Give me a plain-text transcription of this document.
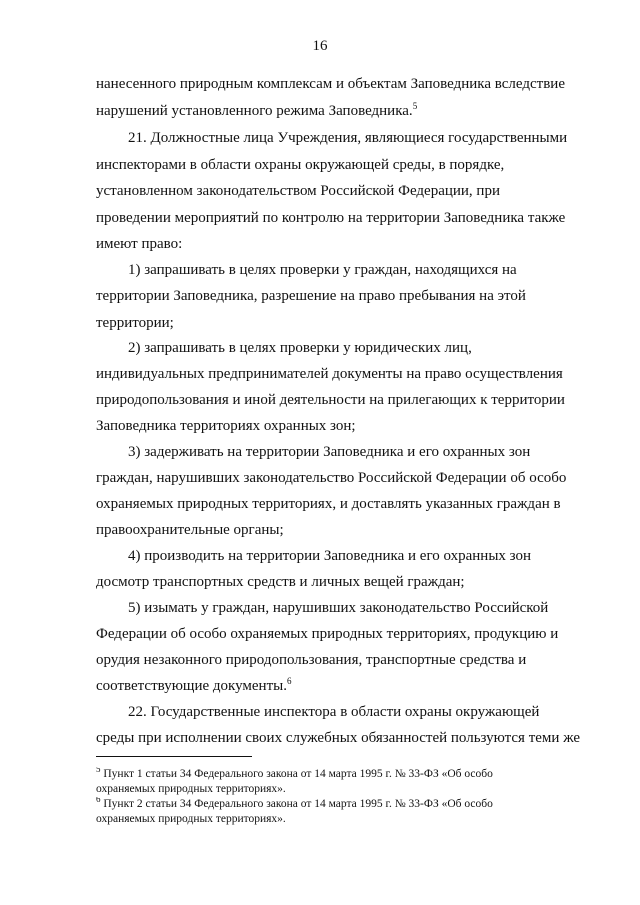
16
нанесенного природным комплексам и объектам Заповедника вследствие
нарушений установленного режима Заповедника.$^5$
21. Должностные лица Учреждения, являющиеся государственными
инспекторами в области охраны окружающей среды, в порядке,
установленном законодательством Российской Федерации, при
проведении мероприятий по контролю на территории Заповедника также
имеют право:
1) запрашивать в целях проверки у граждан, находящихся на
территории Заповедника, разрешение на право пребывания на этой
территории;
2) запрашивать в целях проверки у юридических лиц,
индивидуальных предпринимателей документы на право осуществления
природопользования и иной деятельности на прилегающих к территории
Заповедника территориях охранных зон;
3) задерживать на территории Заповедника и его охранных зон
граждан, нарушивших законодательство Российской Федерации об особо
охраняемых природных территориях, и доставлять указанных граждан в
правоохранительные органы;
4) производить на территории Заповедника и его охранных зон
досмотр транспортных средств и личных вещей граждан;
5) изымать у граждан, нарушивших законодательство Российской
Федерации об особо охраняемых природных территориях, продукцию и
орудия незаконного природопользования, транспортные средства и
соответствующие документы.$^6$
22. Государственные инспектора в области охраны окружающей
среды при исполнении своих служебных обязанностей пользуются теми же
$^5$ Пункт 1 статьи 34 Федерального закона от 14 марта 1995 г. № 33-ФЗ «Об особо
охраняемых природных территориях».
$^6$ Пункт 2 статьи 34 Федерального закона от 14 марта 1995 г. № 33-ФЗ «Об особо
охраняемых природных территориях».
